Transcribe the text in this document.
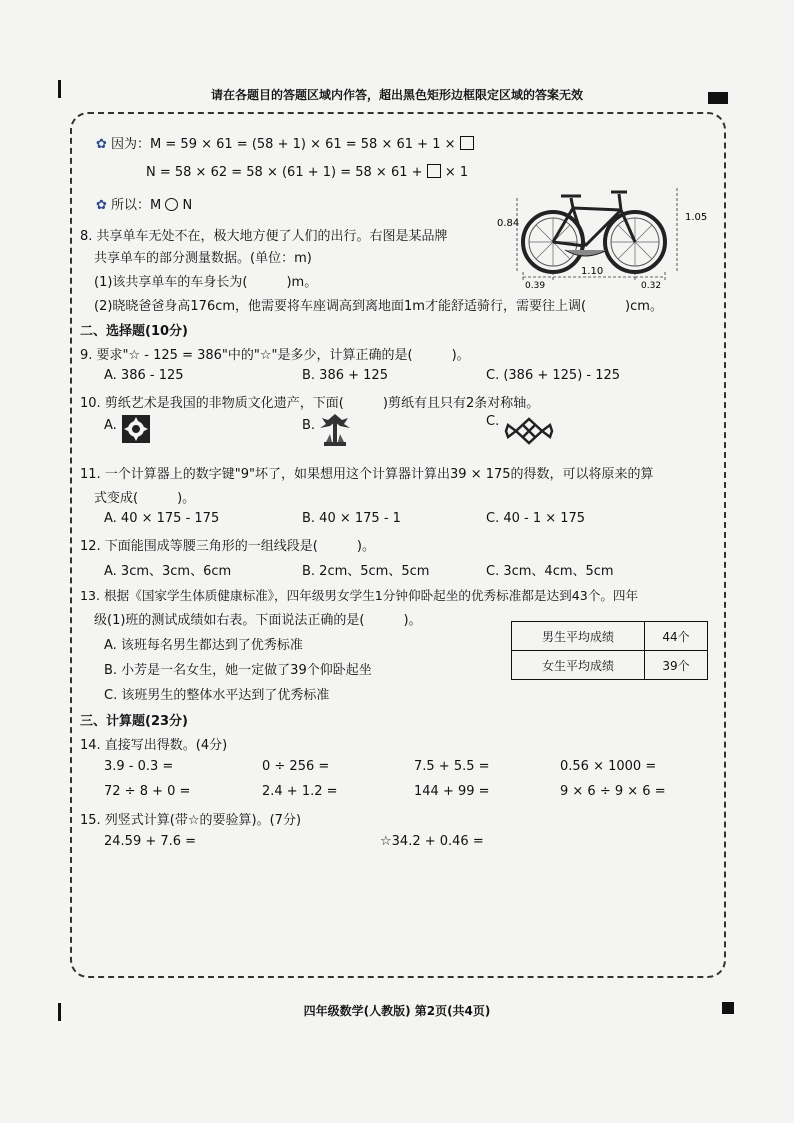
请在各题目的答题区域内作答，超出黑色矩形边框限定区域的答案无效
✿ 因为：M = 59 × 61 = (58 + 1) × 61 = 58 × 61 + 1 ×
N = 58 × 62 = 58 × (61 + 1) = 58 × 61 + × 1
✿ 所以：M N
8. 共享单车无处不在，极大地方便了人们的出行。右图是某品牌
共享单车的部分测量数据。(单位：m)
(1)该共享单车的车身长为(　　　)m。
(2)晓晓爸爸身高176cm，他需要将车座调高到离地面1m才能舒适骑行，需要往上调(　　　)cm。
0.84
1.05
1.10
0.39	0.32
二、选择题(10分)
9. 要求"☆ - 125 = 386"中的"☆"是多少，计算正确的是(　　　)。
A. 386 - 125	B. 386 + 125	C. (386 + 125) - 125
10. 剪纸艺术是我国的非物质文化遗产，下面(　　　)剪纸有且只有2条对称轴。
A.	B.	C.
11. 一个计算器上的数字键"9"坏了，如果想用这个计算器计算出39 × 175的得数，可以将原来的算
式变成(　　　)。
A. 40 × 175 - 175	B. 40 × 175 - 1	C. 40 - 1 × 175
12. 下面能围成等腰三角形的一组线段是(　　　)。
A. 3cm、3cm、6cm	B. 2cm、5cm、5cm	C. 3cm、4cm、5cm
13. 根据《国家学生体质健康标准》，四年级男女学生1分钟仰卧起坐的优秀标准都是达到43个。四年
级(1)班的测试成绩如右表。下面说法正确的是(　　　)。
A. 该班每名男生都达到了优秀标准
B. 小芳是一名女生，她一定做了39个仰卧起坐
C. 该班男生的整体水平达到了优秀标准
男生平均成绩	44个
女生平均成绩	39个
三、计算题(23分)
14. 直接写出得数。(4分)
3.9 - 0.3 =	0 ÷ 256 =	7.5 + 5.5 =	0.56 × 1000 =
72 ÷ 8 + 0 =	2.4 + 1.2 =	144 + 99 =	9 × 6 ÷ 9 × 6 =
15. 列竖式计算(带☆的要验算)。(7分)
24.59 + 7.6 =	☆34.2 + 0.46 =
四年级数学(人教版) 第2页(共4页)
